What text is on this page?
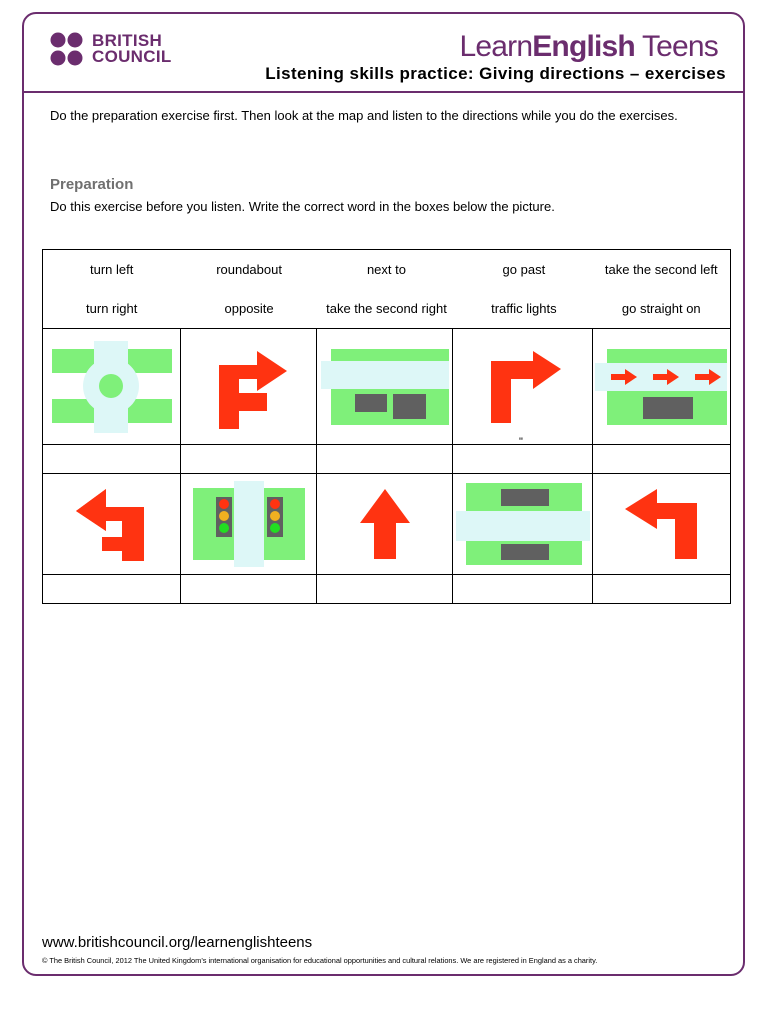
BRITISH
COUNCIL	LearnEnglish Teens
Listening skills practice: Giving directions – exercises

Do the preparation exercise first. Then look at the map and listen to the directions while you do the exercises.

Preparation

Do this exercise before you listen. Write the correct word in the boxes below the picture.

turn left	roundabout	next to	go past	take the second left
turn right	opposite	take the second right	traffic lights	go straight on

"
www.britishcouncil.org/learnenglishteens
© The British Council, 2012 The United Kingdom’s international organisation for educational opportunities and cultural relations. We are registered in England as a charity.
